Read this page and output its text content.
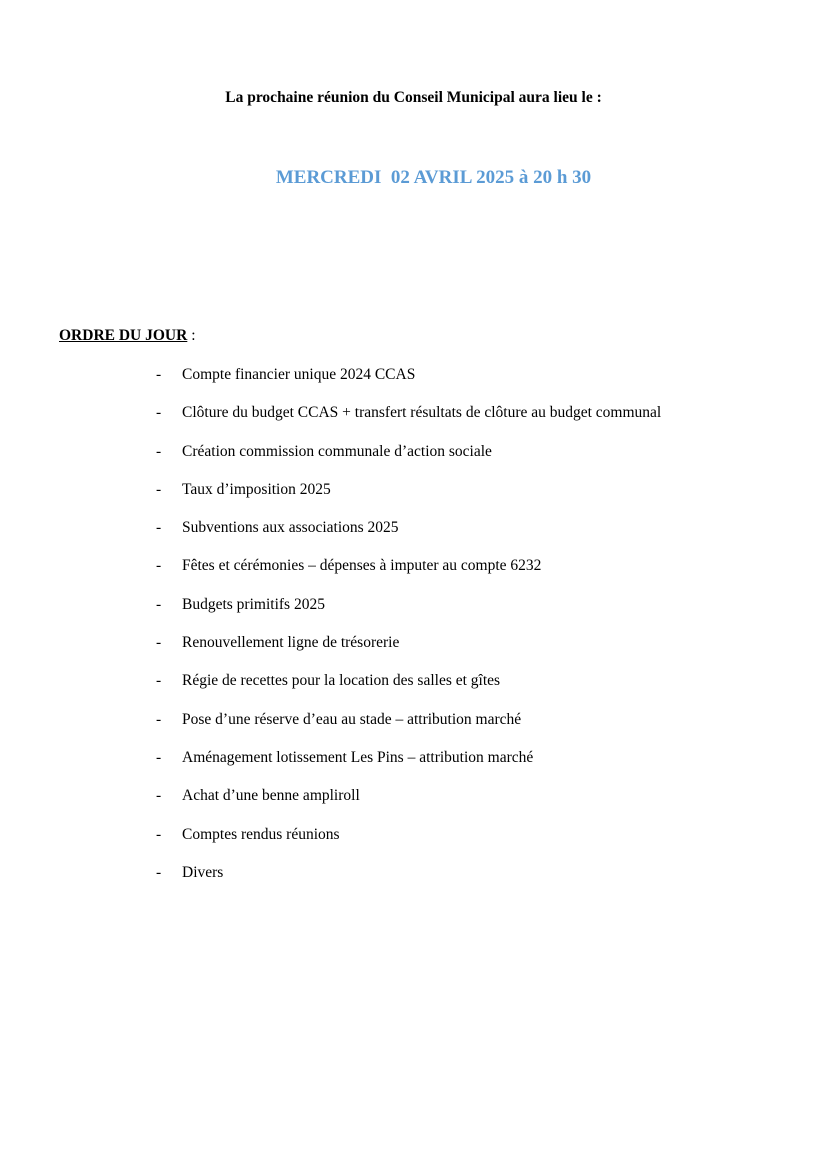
La prochaine réunion du Conseil Municipal aura lieu le :
MERCREDI  02 AVRIL 2025 à 20 h 30
ORDRE DU JOUR :
- Compte financier unique 2024 CCAS
- Clôture du budget CCAS + transfert résultats de clôture au budget communal
- Création commission communale d’action sociale
- Taux d’imposition 2025
- Subventions aux associations 2025
- Fêtes et cérémonies – dépenses à imputer au compte 6232
- Budgets primitifs 2025
- Renouvellement ligne de trésorerie
- Régie de recettes pour la location des salles et gîtes
- Pose d’une réserve d’eau au stade – attribution marché
- Aménagement lotissement Les Pins – attribution marché
- Achat d’une benne ampliroll
- Comptes rendus réunions
- Divers
